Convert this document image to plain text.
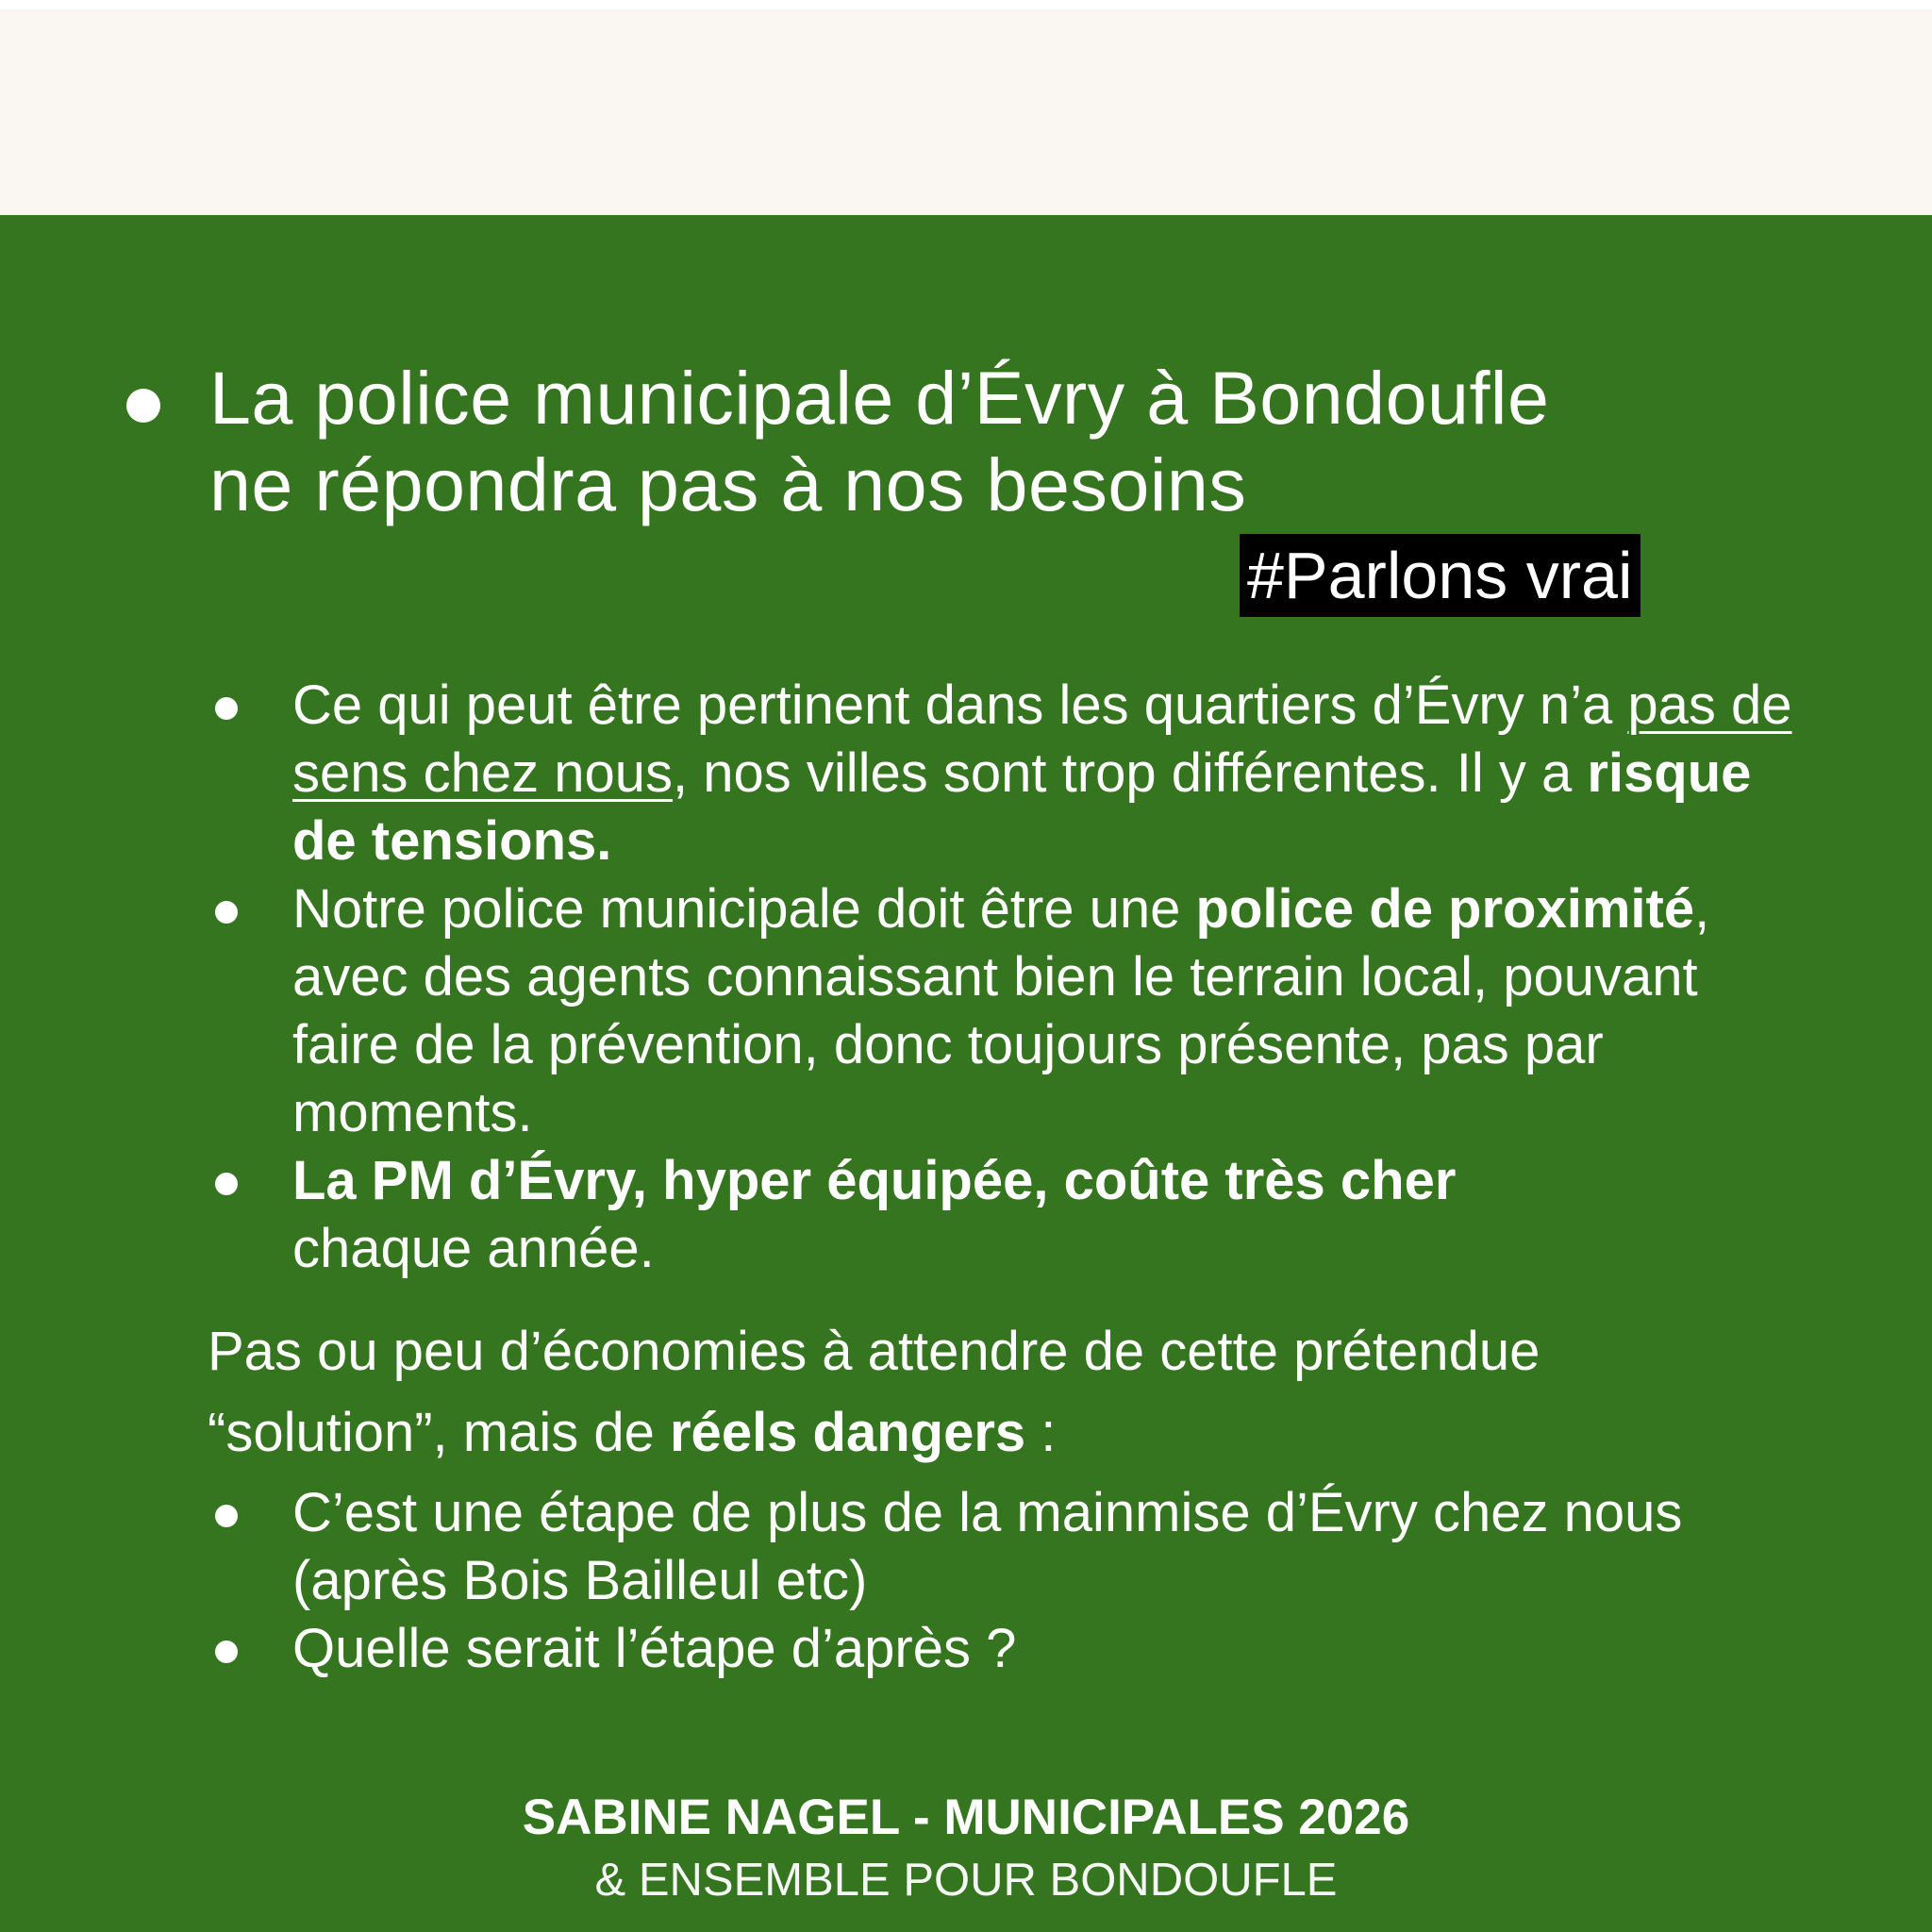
La police municipale d’Évry à Bondoufle
ne répondra pas à nos besoins
#Parlons vrai
Ce qui peut être pertinent dans les quartiers d’Évry n’a pas de sens chez nous, nos villes sont trop différentes. Il y a risque de tensions.
Notre police municipale doit être une police de proximité, avec des agents connaissant bien le terrain local, pouvant faire de la prévention, donc toujours présente, pas par moments.
La PM d’Évry, hyper équipée, coûte très cher
chaque année.
Pas ou peu d’économies à attendre de cette prétendue “solution”, mais de réels dangers :
C’est une étape de plus de la mainmise d’Évry chez nous (après Bois Bailleul etc)
Quelle serait l’étape d’après ?
SABINE NAGEL - MUNICIPALES 2026
& ENSEMBLE POUR BONDOUFLE
